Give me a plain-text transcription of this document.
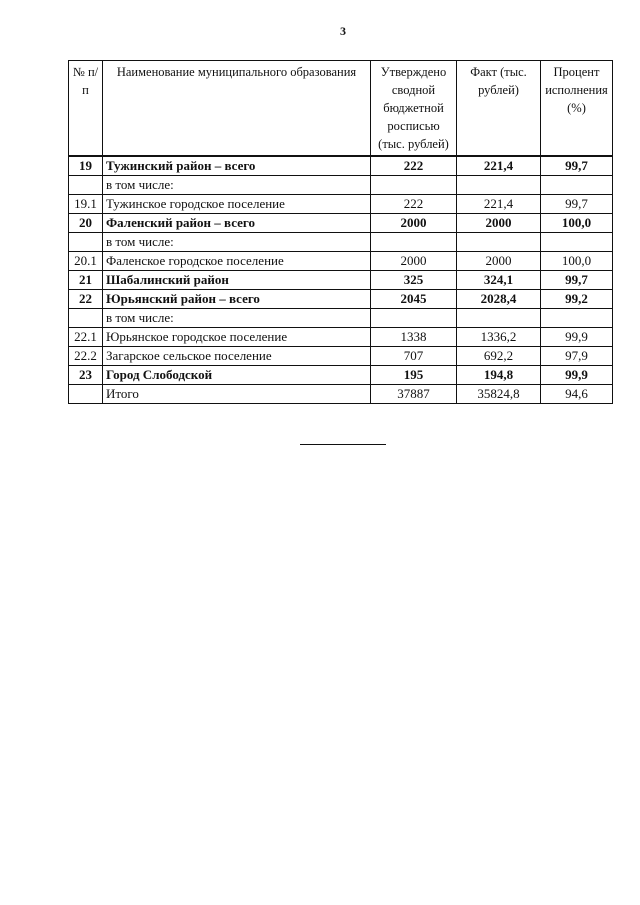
3
№ п/п	Наименование муниципального образования	Утверждено сводной бюджетной росписью (тыс. рублей)	Факт (тыс. рублей)	Процент исполнения (%)
19	Тужинский район – всего	222	221,4	99,7
	в том числе:			
19.1	Тужинское городское поселение	222	221,4	99,7
20	Фаленский район – всего	2000	2000	100,0
	в том числе:			
20.1	Фаленское городское поселение	2000	2000	100,0
21	Шабалинский район	325	324,1	99,7
22	Юрьянский район – всего	2045	2028,4	99,2
	в том числе:			
22.1	Юрьянское городское поселение	1338	1336,2	99,9
22.2	Загарское сельское поселение	707	692,2	97,9
23	Город Слободской	195	194,8	99,9
	Итого	37887	35824,8	94,6
